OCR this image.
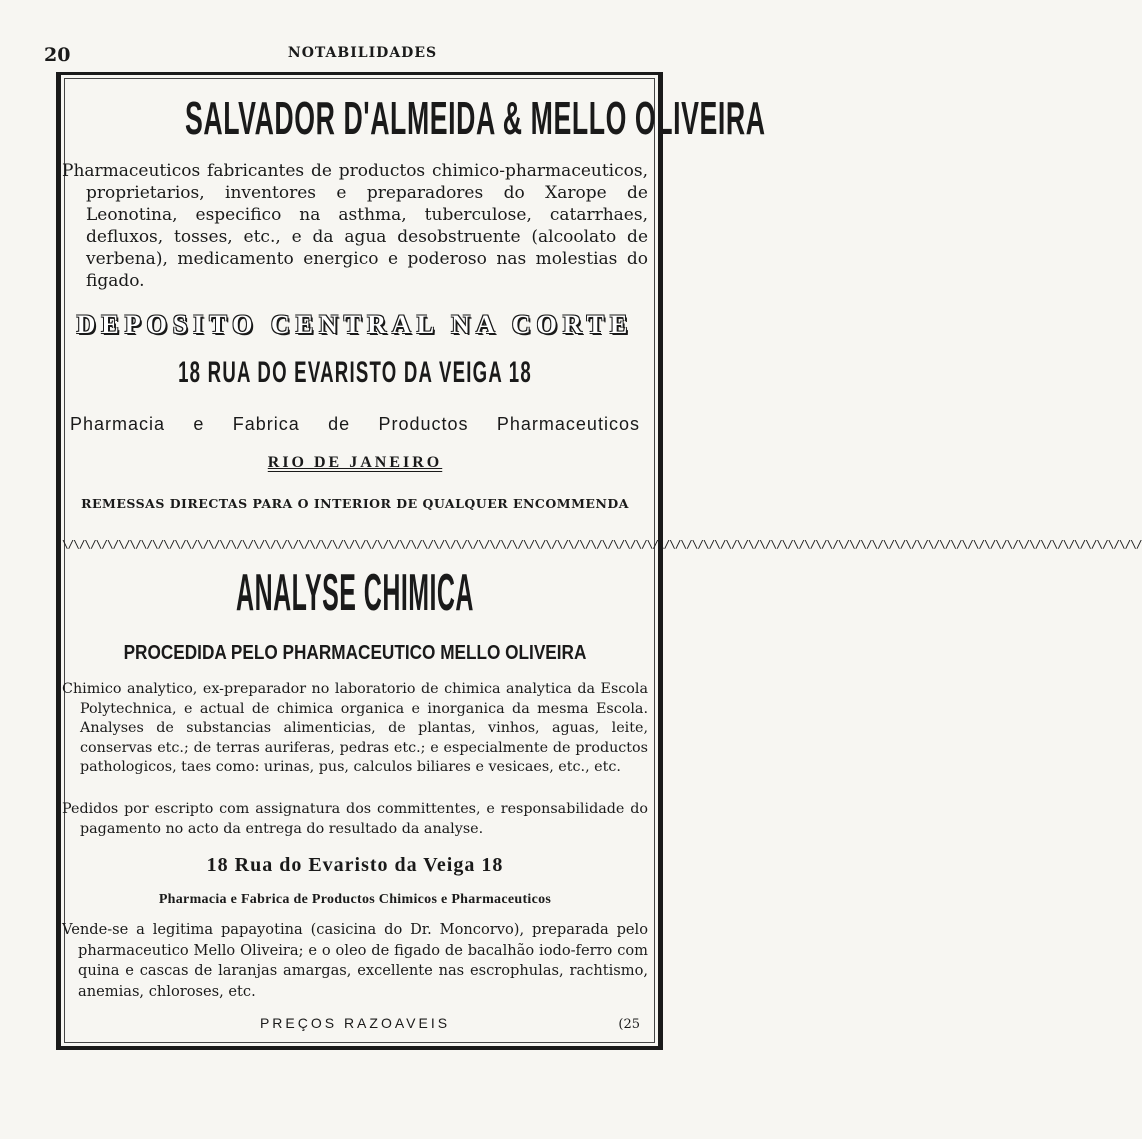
20	NOTABILIDADES
SALVADOR D'ALMEIDA & MELLO OLIVEIRA
Pharmaceuticos fabricantes de productos chimico-pharmaceuticos, proprietarios, inventores e preparadores do Xarope de Leonotina, especifico na asthma, tuberculose, catarrhaes, defluxos, tosses, etc., e da agua desobstruente (alcoolato de verbena), medicamento energico e poderoso nas molestias do figado.
DEPOSITO CENTRAL NA CORTE
18 RUA DO EVARISTO DA VEIGA 18
Pharmacia e Fabrica de Productos Pharmaceuticos
RIO DE JANEIRO
REMESSAS DIRECTAS PARA O INTERIOR DE QUALQUER ENCOMMENDA
\/\/\/\/\/\/\/\/\/\/\/\/\/\/\/\/\/\/\/\/\/\/\/\/\/\/\/\/\/\/\/\/\/\/\/\/\/\/\/\/\/\/\/\/\/\/\/\/\/\/\/\/\/\/\/\/\/\/\/\/\/\/\/\/\/\/\/\/\/\/\/\/\/\/\/\/\/\/\/\/\/\/\/\/\/\/\/\/\/\/\/\/\/\/\/\/
ANALYSE CHIMICA
PROCEDIDA PELO PHARMACEUTICO MELLO OLIVEIRA
Chimico analytico, ex-preparador no laboratorio de chimica analytica da Escola Polytechnica, e actual de chimica organica e inorganica da mesma Escola. Analyses de substancias alimenticias, de plantas, vinhos, aguas, leite, conservas etc.; de terras auriferas, pedras etc.; e especialmente de productos pathologicos, taes como: urinas, pus, calculos biliares e vesicaes, etc., etc.
Pedidos por escripto com assignatura dos committentes, e responsabilidade do pagamento no acto da entrega do resultado da analyse.
18 Rua do Evaristo da Veiga 18
Pharmacia e Fabrica de Productos Chimicos e Pharmaceuticos
Vende-se a legitima papayotina (casicina do Dr. Moncorvo), preparada pelo pharmaceutico Mello Oliveira; e o oleo de figado de bacalhão iodo-ferro com quina e cascas de laranjas amargas, excellente nas escrophulas, rachtismo, anemias, chloroses, etc.
PREÇOS RAZOAVEIS	(25
